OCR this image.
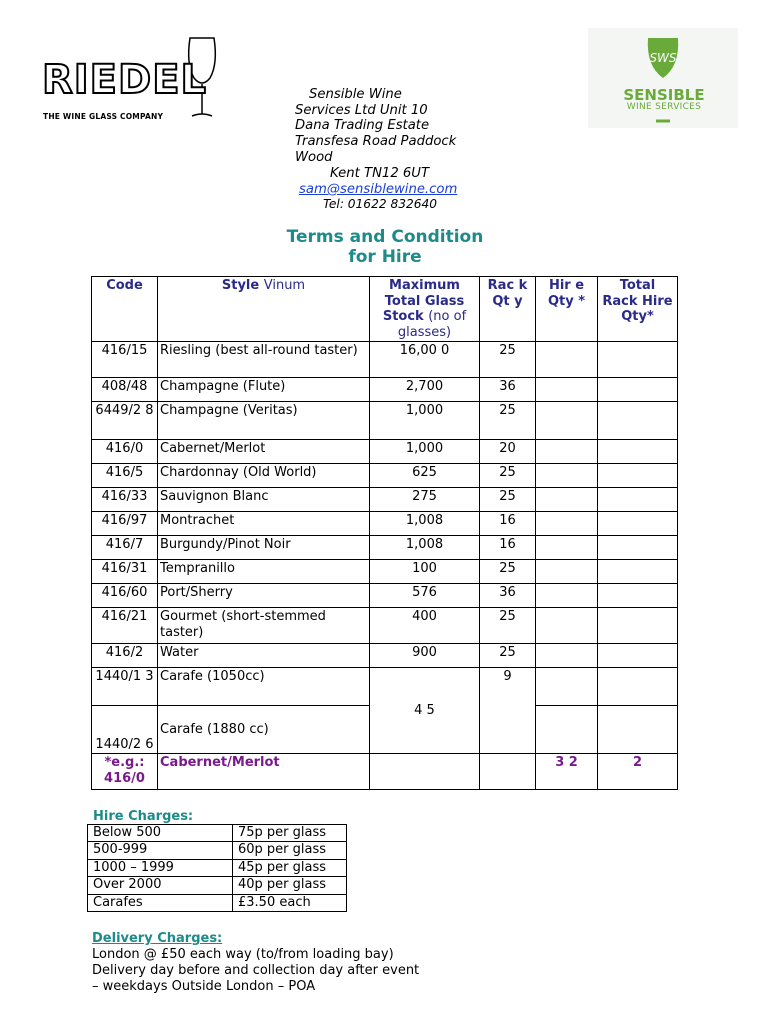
RIEDEL
THE WINE GLASS COMPANY
SWS
SENSIBLE
WINE SERVICES
Sensible Wine
Services Ltd Unit 10
Dana Trading Estate
Transfesa Road Paddock
Wood
Kent TN12 6UT
sam@sensiblewine.com
Tel: 01622 832640
Terms and Condition
for Hire
Code	Style Vinum	Maximum Total Glass Stock (no of glasses)	Rac k Qt y	Hir e Qty *	Total Rack Hire Qty*
416/15	Riesling (best all-round taster)	16,00 0	25		
408/48	Champagne (Flute)	2,700	36		
6449/2 8	Champagne (Veritas)	1,000	25		
416/0	Cabernet/Merlot	1,000	20		
416/5	Chardonnay (Old World)	625	25		
416/33	Sauvignon Blanc	275	25		
416/97	Montrachet	1,008	16		
416/7	Burgundy/Pinot Noir	1,008	16		
416/31	Tempranillo	100	25		
416/60	Port/Sherry	576	36		
416/21	Gourmet (short-stemmed taster)	400	25		
416/2	Water	900	25		
1440/1 3	Carafe (1050cc)	4 5	9		
1440/2 6	Carafe (1880 cc)				
*e.g.: 416/0	Cabernet/Merlot			3 2	2
Hire Charges:
Below 500	75p per glass
500-999	60p per glass
1000 – 1999	45p per glass
Over 2000	40p per glass
Carafes	£3.50 each
Delivery Charges:
London @ £50 each way (to/from loading bay)
Delivery day before and collection day after event
– weekdays Outside London – POA
